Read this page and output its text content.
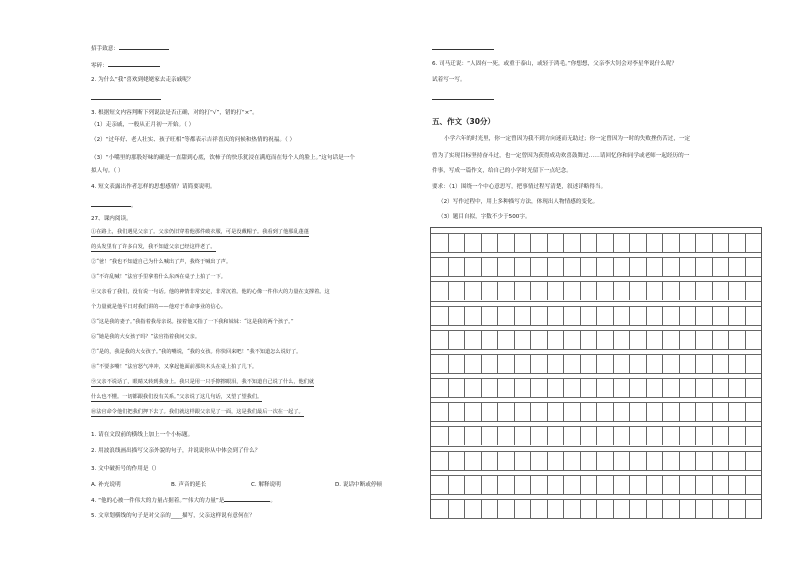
招手致意：
零碎：
2. 为什么“我”喜欢到姥姥家去走亲戚呢？
3. 根据短文内容判断下列说法是否正确，对的打“√”，错的打“×”。
（1）走亲戚，一般从正月初一开始。（ ）
（2）“过年好、老人壮实、孩子旺相”等都表示吉祥喜庆的问候和热情的祝福。（ ）
（3）“小嘴里的那股好味的确是一直甜到心底，饮柿子的快乐犹浸在满庭而在每个人的脸上。”这句话是一个
拟人句。（ ）
4. 短文表露出作者怎样的思想感情？请简要说明。
。
27、课内阅读。
①在路上，我们遇见父亲了。父亲仍旧穿着他那件破衣服，可是没戴帽子。我看到了他那乱蓬蓬
的头发里有了许多白发，我不知道父亲已经这样老了。
②“爸！”我也不知道自己为什么喊出了声，我终于喊出了声。
③“不许乱喊！”法官手里拿着什么东西在桌子上拍了一下。
④父亲看了我们，没有说一句话。他的神情非常安定，非常沉着。他的心像一件伟大的力量在支撑着。这
个力量就是他平日对我们讲的——他对于革命事业的信心。
⑤“这是我的妻子。”我指着我母亲说。接着他又指了一下我和妹妹：“这是我的两个孩子。”
⑥“她是我的大女孩子吗？”法官指着我问父亲。
⑦“是的，我是我的大女孩子。”我的嘴说，“我的女孩。你快回来吧！”我不知道怎么说好了。
⑧“不要多嘴！”法官怒气冲冲，又拿起他面前那块木头在桌上拍了几下。
⑨父亲不说话了，眼睛又转到我身上。我只是用一只手擦擦眼泪，我不知道自己说了什么，他们就
什么也不懂。一切都跟我们没有关系。”父亲说了这几句话，又望了望我们。
⑩法官命令他们把我们押下去了。我们就这样跟父亲见了一面，这是我们最后一次在一起了。
1. 请在文段前的横线上加上一个小标题。
2. 用波浪线画出描写父亲外貌的句子，并说说你从中体会到了什么？
3. 文中破折号的作用是（）
A. 补充说明	B. 声音的延长	C. 解释说明	D. 说话中断或停顿
4. “他的心被一件伟大的力量占据着。”“伟大的力量”是	。
5. 文章划横线的句子是对父亲的____描写，父亲这样说有意何在？
6. 司马迁说：“人固有一死，或重于泰山，或轻于鸿毛。”你想想，父亲李大钊会对李星华说什么呢？
试着写一写。
五、作文（30分）
小学六年的时光里，你一定曾因为我不到方向迷而无助过；你一定曾因为一时的失败挫伤苦过，一定
曾为了实现目标坚持奋斗过，也一定曾因为获得成功欢喜鼓舞过……请回忆你和同学或老师一起经历的一
件事，写成一篇作文，给自己的小学时光留下一点纪念。
要求：（1）围绕一个中心意思写，把事情过程写清楚，叙述详略得当。
（2）写作过程中，用上多种描写方法，体现出人物情感的变化。
（3）题目自拟，字数不少于500字。
